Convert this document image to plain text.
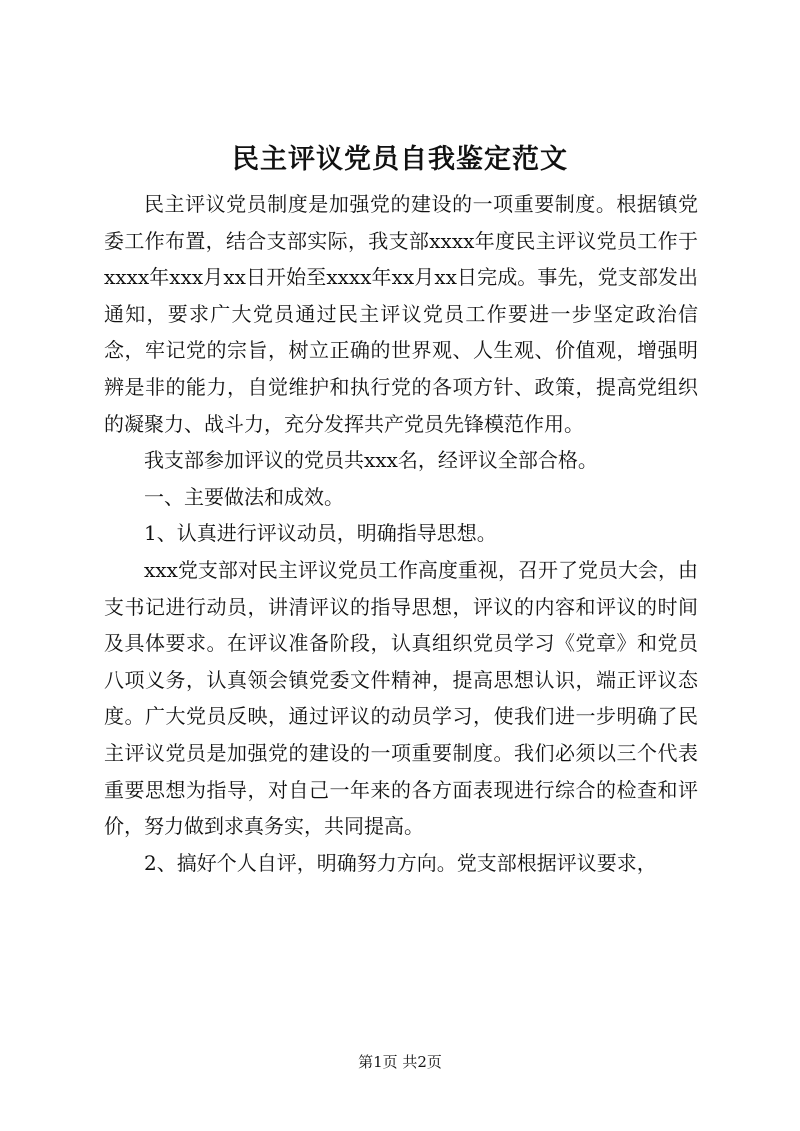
民主评议党员自我鉴定范文

民主评议党员制度是加强党的建设的一项重要制度。根据镇党委工作布置，结合支部实际，我支部xxxx年度民主评议党员工作于xxxx年xxx月xx日开始至xxxx年xx月xx日完成。事先，党支部发出通知，要求广大党员通过民主评议党员工作要进一步坚定政治信念，牢记党的宗旨，树立正确的世界观、人生观、价值观，增强明辨是非的能力，自觉维护和执行党的各项方针、政策，提高党组织的凝聚力、战斗力，充分发挥共产党员先锋模范作用。

我支部参加评议的党员共xxx名，经评议全部合格。

一、主要做法和成效。

1、认真进行评议动员，明确指导思想。

xxx党支部对民主评议党员工作高度重视，召开了党员大会，由支书记进行动员，讲清评议的指导思想，评议的内容和评议的时间及具体要求。在评议准备阶段，认真组织党员学习《党章》和党员八项义务，认真领会镇党委文件精神，提高思想认识，端正评议态度。广大党员反映，通过评议的动员学习，使我们进一步明确了民主评议党员是加强党的建设的一项重要制度。我们必须以三个代表重要思想为指导，对自己一年来的各方面表现进行综合的检查和评价，努力做到求真务实，共同提高。

2、搞好个人自评，明确努力方向。党支部根据评议要求，

第1页 共2页
